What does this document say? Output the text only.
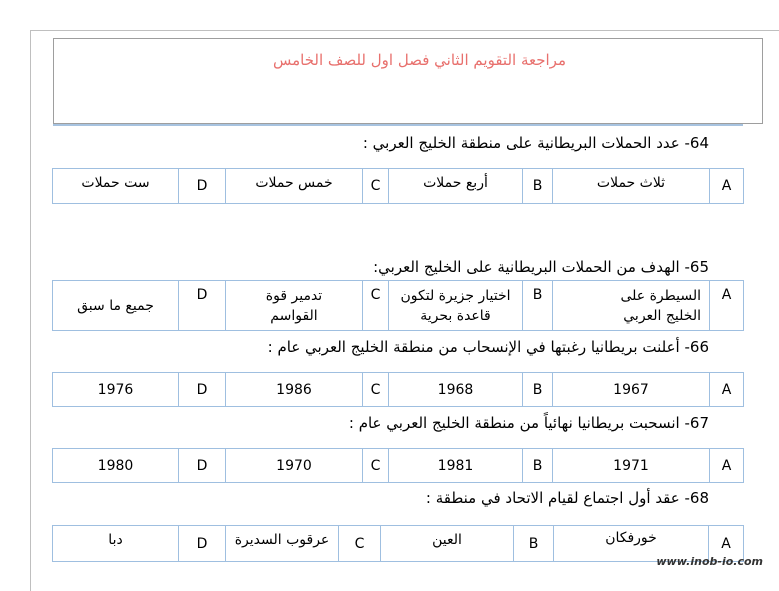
مراجعة التقويم الثاني فصل اول للصف الخامس
64- عدد الحملات البريطانية على منطقة الخليج العربي :
ست حملات	D	خمس حملات	C	أربع حملات	B	ثلاث حملات	A
65- الهدف من الحملات البريطانية على الخليج العربي:
جميع ما سبق	D	تدمير قوة القواسم	C	اختيار جزيرة لتكون قاعدة بحرية	B	السيطرة على الخليج العربي	A
66- أعلنت بريطانيا رغبتها في الإنسحاب من منطقة الخليج العربي عام :
1976	D	1986	C	1968	B	1967	A
67- انسحبت بريطانيا نهائياً من منطقة الخليج العربي عام :
1980	D	1970	C	1981	B	1971	A
68- عقد أول اجتماع لقيام الاتحاد في منطقة :
دبا	D	عرقوب السديرة	C	العين	B	خورفكان	A
www.inob-io.com
